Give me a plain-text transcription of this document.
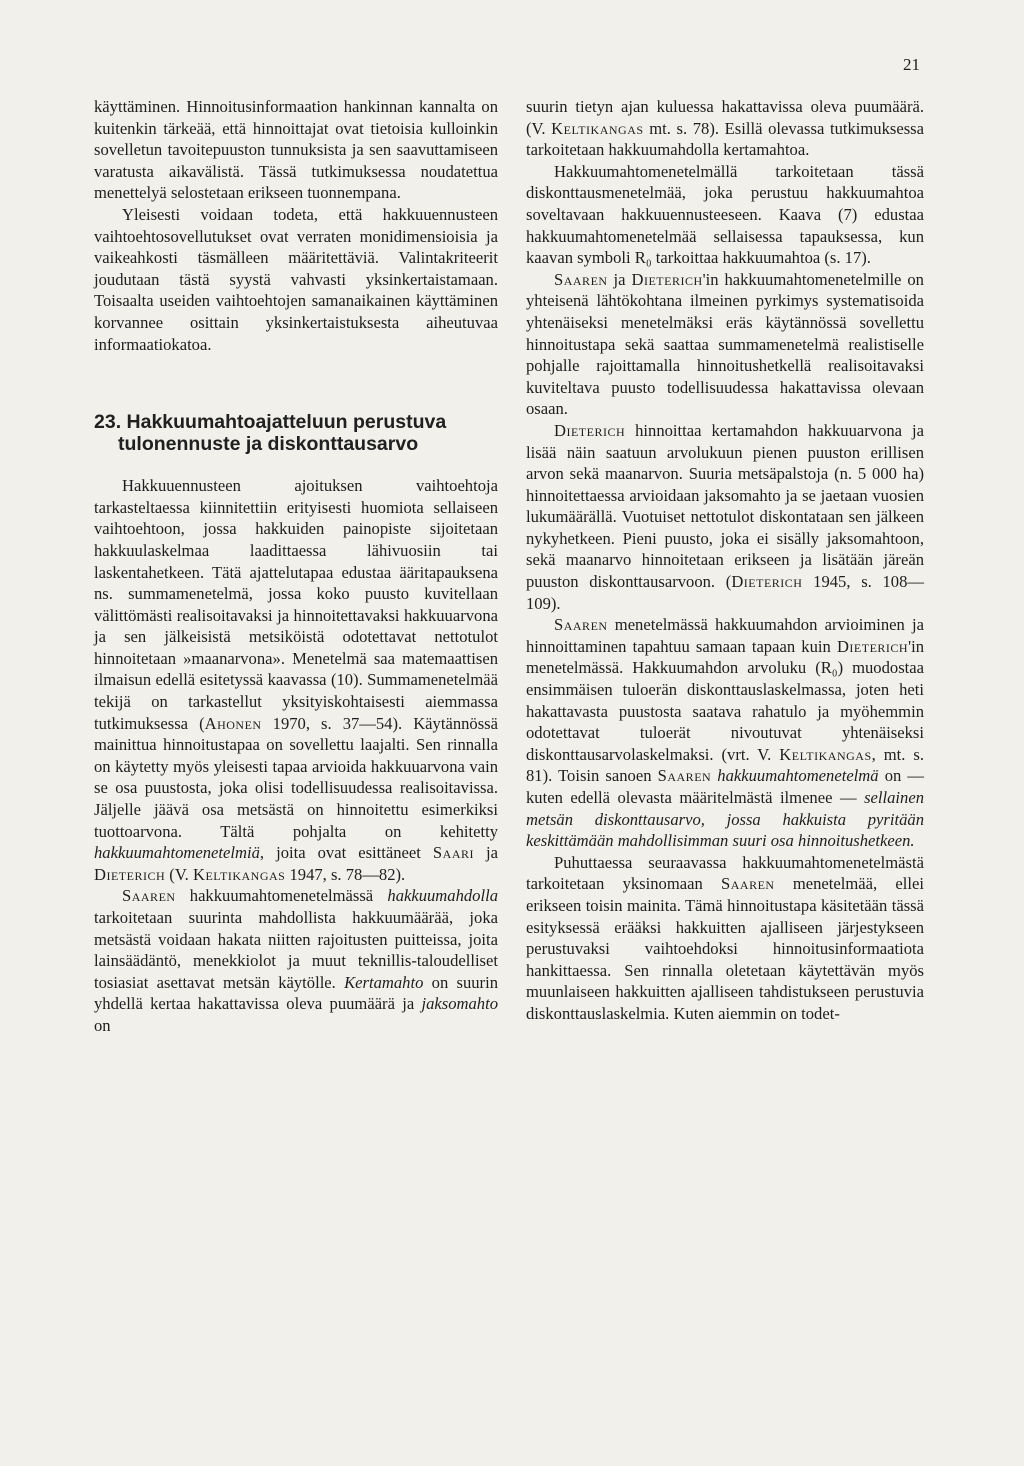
21

käyttäminen. Hinnoitusinformaation hankinnan kannalta on kuitenkin tärkeää, että hinnoittajat ovat tietoisia kulloinkin sovelletun tavoitepuuston tunnuksista ja sen saavuttamiseen varatusta aikavälistä. Tässä tutkimuksessa noudatettua menettelyä selostetaan erikseen tuonnempana.

Yleisesti voidaan todeta, että hakkuuennusteen vaihtoehtosovellutukset ovat verraten monidimensioisia ja vaikeahkosti täsmälleen määritettäviä. Valintakriteerit joudutaan tästä syystä vahvasti yksinkertaistamaan. Toisaalta useiden vaihtoehtojen samanaikainen käyttäminen korvannee osittain yksinkertaistuksesta aiheutuvaa informaatiokatoa.

23. Hakkuumahtoajatteluun perustuva tulonennuste ja diskonttausarvo

Hakkuuennusteen ajoituksen vaihtoehtoja tarkasteltaessa kiinnitettiin erityisesti huomiota sellaiseen vaihtoehtoon, jossa hakkuiden painopiste sijoitetaan hakkuulaskelmaa laadittaessa lähivuosiin tai laskentahetkeen. Tätä ajattelutapaa edustaa ääritapauksena ns. summamenetelmä, jossa koko puusto kuvitellaan välittömästi realisoitavaksi ja hinnoitettavaksi hakkuuarvona ja sen jälkeisistä metsiköistä odotettavat nettotulot hinnoitetaan »maanarvona». Menetelmä saa matemaattisen ilmaisun edellä esitetyssä kaavassa (10). Summamenetelmää tekijä on tarkastellut yksityiskohtaisesti aiemmassa tutkimuksessa (Ahonen 1970, s. 37—54). Käytännössä mainittua hinnoitustapaa on sovellettu laajalti. Sen rinnalla on käytetty myös yleisesti tapaa arvioida hakkuuarvona vain se osa puustosta, joka olisi todellisuudessa realisoitavissa. Jäljelle jäävä osa metsästä on hinnoitettu esimerkiksi tuottoarvona. Tältä pohjalta on kehitetty hakkuumahtomenetelmiä, joita ovat esittäneet Saari ja Dieterich (V. Keltikangas 1947, s. 78—82).

Saaren hakkuumahtomenetelmässä hakkuumahdolla tarkoitetaan suurinta mahdollista hakkuumäärää, joka metsästä voidaan hakata niitten rajoitusten puitteissa, joita lainsäädäntö, menekkiolot ja muut teknillis-taloudelliset tosiasiat asettavat metsän käytölle. Kertamahto on suurin yhdellä kertaa hakattavissa oleva puumäärä ja jaksomahto on

suurin tietyn ajan kuluessa hakattavissa oleva puumäärä. (V. Keltikangas mt. s. 78). Esillä olevassa tutkimuksessa tarkoitetaan hakkuumahdolla kertamahtoa.

Hakkuumahtomenetelmällä tarkoitetaan tässä diskonttausmenetelmää, joka perustuu hakkuumahtoa soveltavaan hakkuuennusteeseen. Kaava (7) edustaa hakkuumahtomenetelmää sellaisessa tapauksessa, kun kaavan symboli R₀ tarkoittaa hakkuumahtoa (s. 17).

Saaren ja Dieterich'in hakkuumahtomenetelmille on yhteisenä lähtökohtana ilmeinen pyrkimys systematisoida yhtenäiseksi menetelmäksi eräs käytännössä sovellettu hinnoitustapa sekä saattaa summamenetelmä realistiselle pohjalle rajoittamalla hinnoitushetkellä realisoitavaksi kuviteltava puusto todellisuudessa hakattavissa olevaan osaan.

Dieterich hinnoittaa kertamahdon hakkuuarvona ja lisää näin saatuun arvolukuun pienen puuston erillisen arvon sekä maanarvon. Suuria metsäpalstoja (n. 5 000 ha) hinnoitettaessa arvioidaan jaksomahto ja se jaetaan vuosien lukumäärällä. Vuotuiset nettotulot diskontataan sen jälkeen nykyhetkeen. Pieni puusto, joka ei sisälly jaksomahtoon, sekä maanarvo hinnoitetaan erikseen ja lisätään järeän puuston diskonttausarvoon. (Dieterich 1945, s. 108—109).

Saaren menetelmässä hakkuumahdon arvioiminen ja hinnoittaminen tapahtuu samaan tapaan kuin Dieterich'in menetelmässä. Hakkuumahdon arvoluku (R₀) muodostaa ensimmäisen tuloerän diskonttauslaskelmassa, joten heti hakattavasta puustosta saatava rahatulo ja myöhemmin odotettavat tuloerät nivoutuvat yhtenäiseksi diskonttausarvolaskelmaksi. (vrt. V. Keltikangas, mt. s. 81). Toisin sanoen Saaren hakkuumahtomenetelmä on — kuten edellä olevasta määritelmästä ilmenee — sellainen metsän diskonttausarvo, jossa hakkuista pyritään keskittämään mahdollisimman suuri osa hinnoitushetkeen.

Puhuttaessa seuraavassa hakkuumahtomenetelmästä tarkoitetaan yksinomaan Saaren menetelmää, ellei erikseen toisin mainita. Tämä hinnoitustapa käsitetään tässä esityksessä erääksi hakkuitten ajalliseen järjestykseen perustuvaksi vaihtoehdoksi hinnoitusinformaatiota hankittaessa. Sen rinnalla oletetaan käytettävän myös muunlaiseen hakkuitten ajalliseen tahdistukseen perustuvia diskonttauslaskelmia. Kuten aiemmin on todet-
